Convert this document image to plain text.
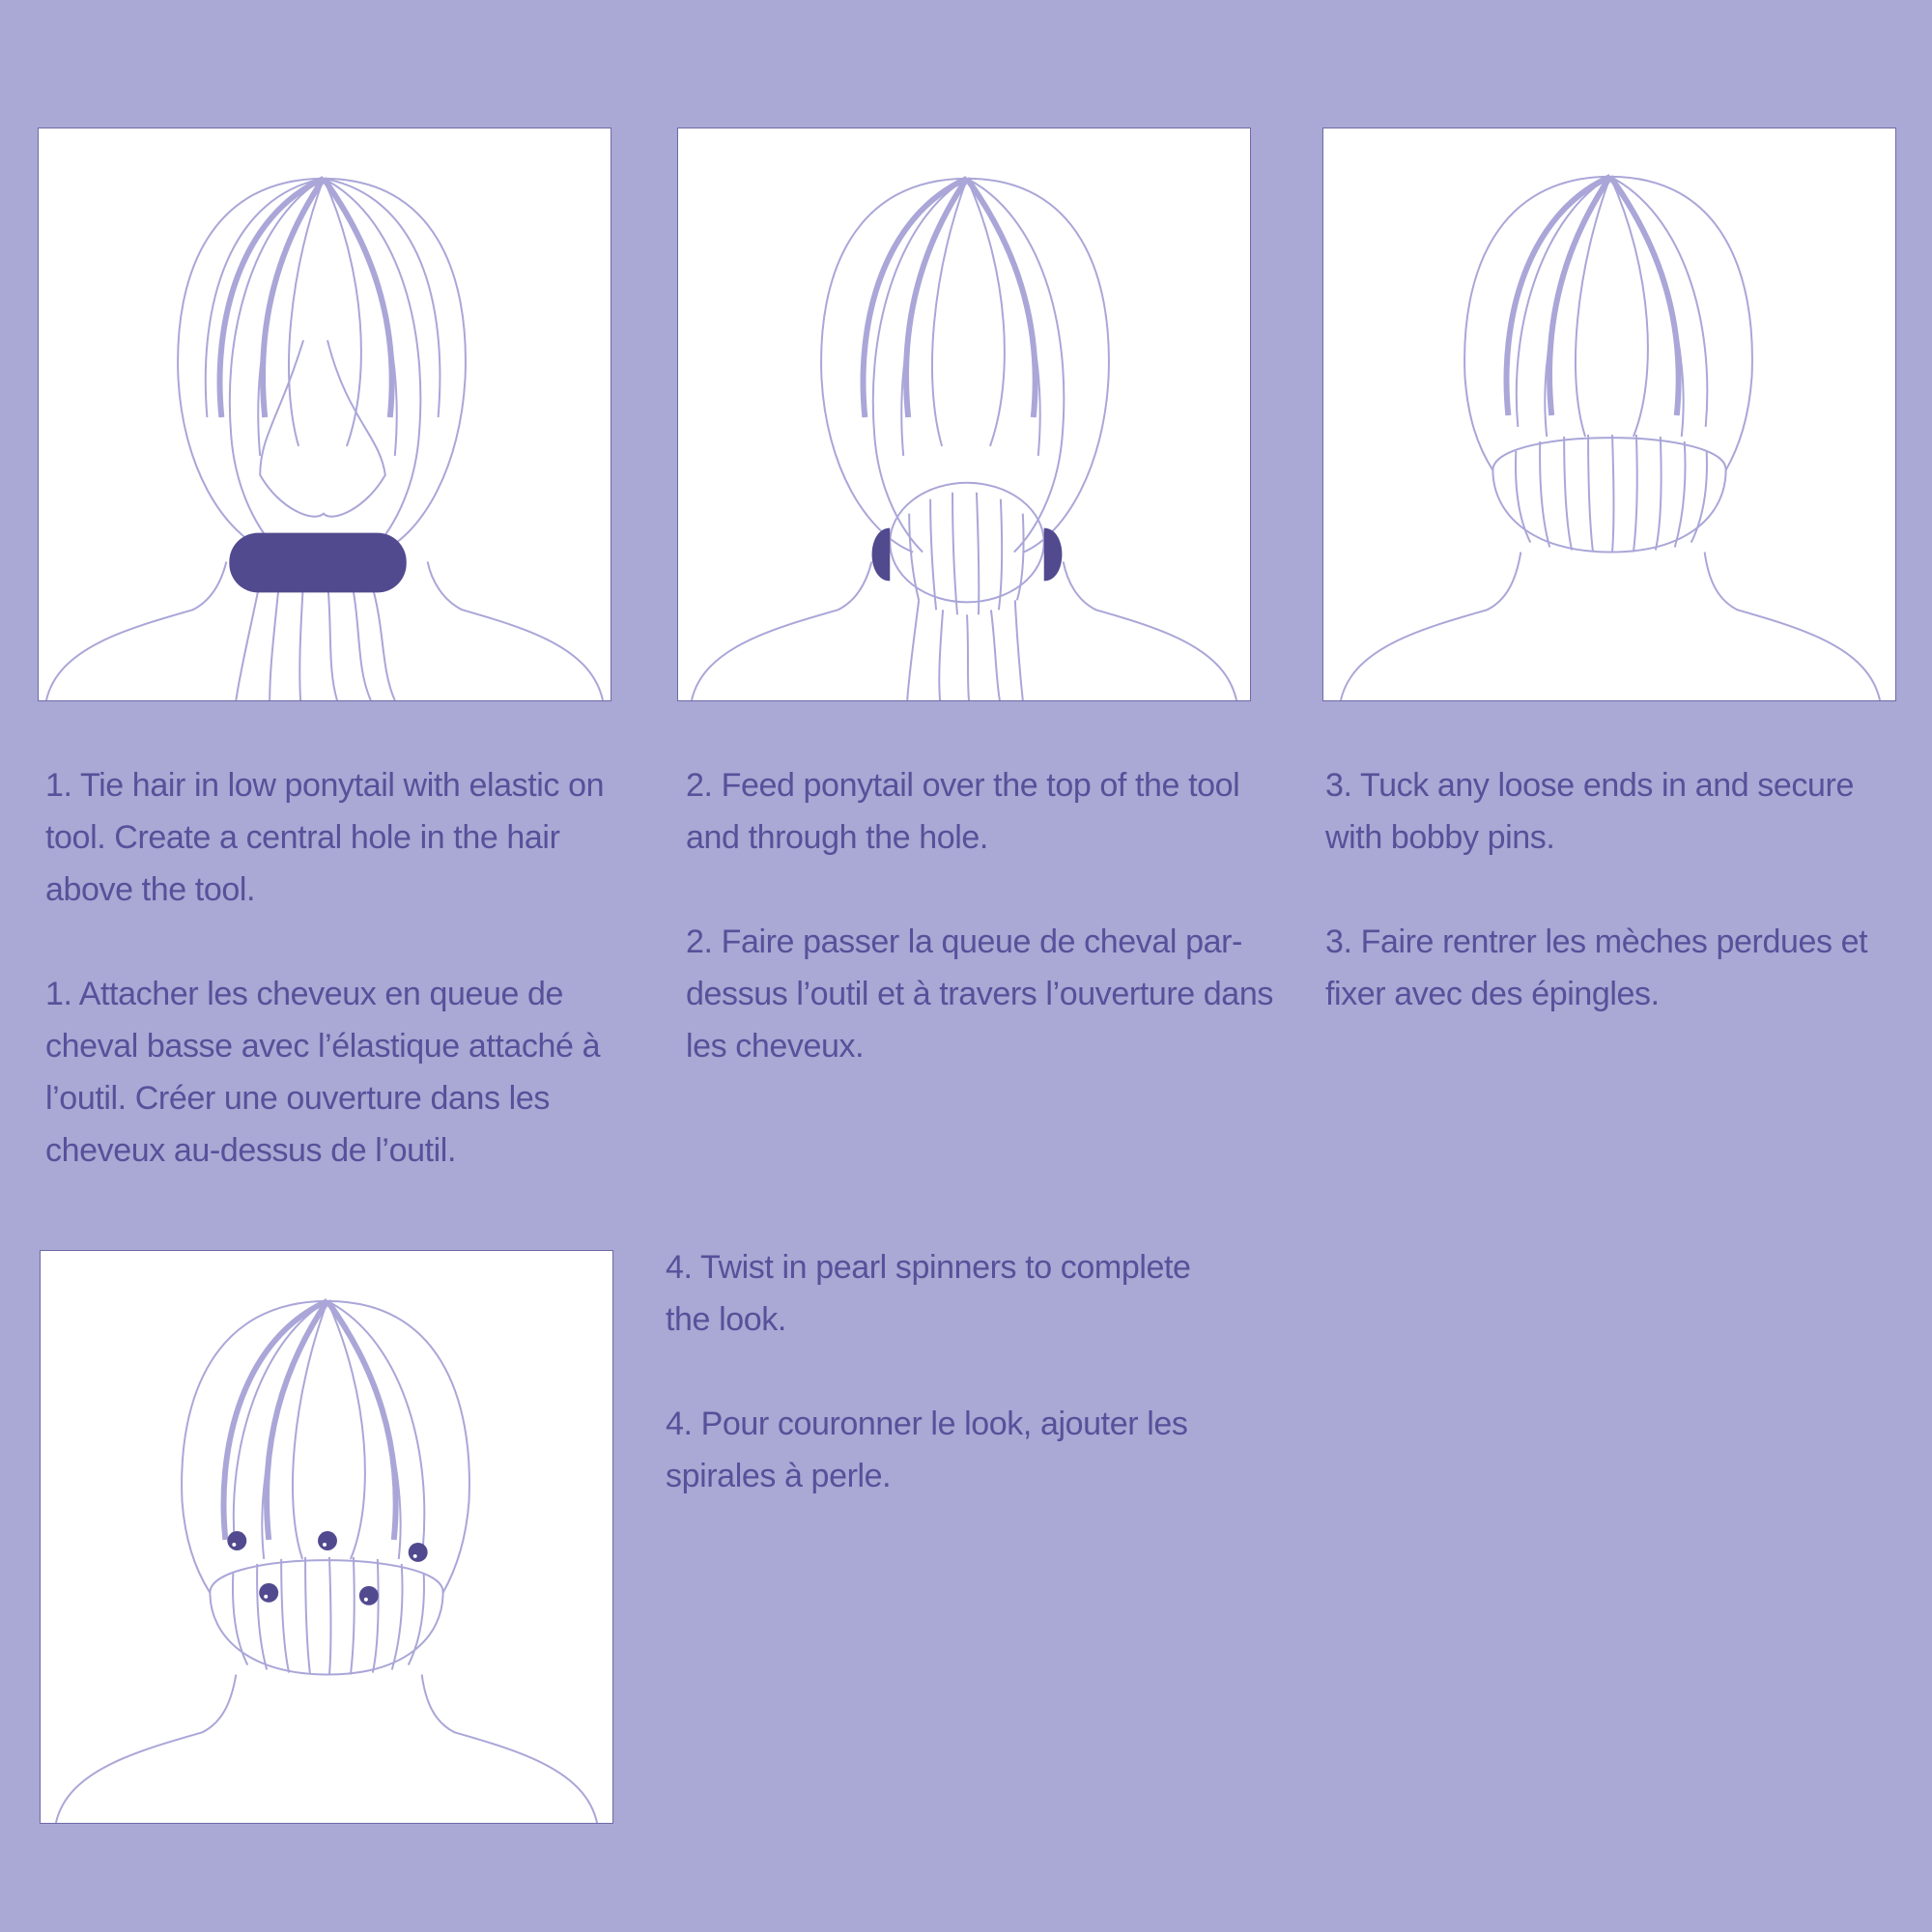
1. Tie hair in low ponytail with elastic on tool. Create a central hole in the hair above the tool.

1. Attacher les cheveux en queue de cheval basse avec l’élastique attaché à l’outil. Créer une ouverture dans les cheveux au-dessus de l’outil.

2. Feed ponytail over the top of the tool and through the hole.

2. Faire passer la queue de cheval par-dessus l’outil et à travers l’ouverture dans les cheveux.

3. Tuck any loose ends in and secure with bobby pins.

3. Faire rentrer les mèches perdues et fixer avec des épingles.

4. Twist in pearl spinners to complete the look.

4. Pour couronner le look, ajouter les spirales à perle.
